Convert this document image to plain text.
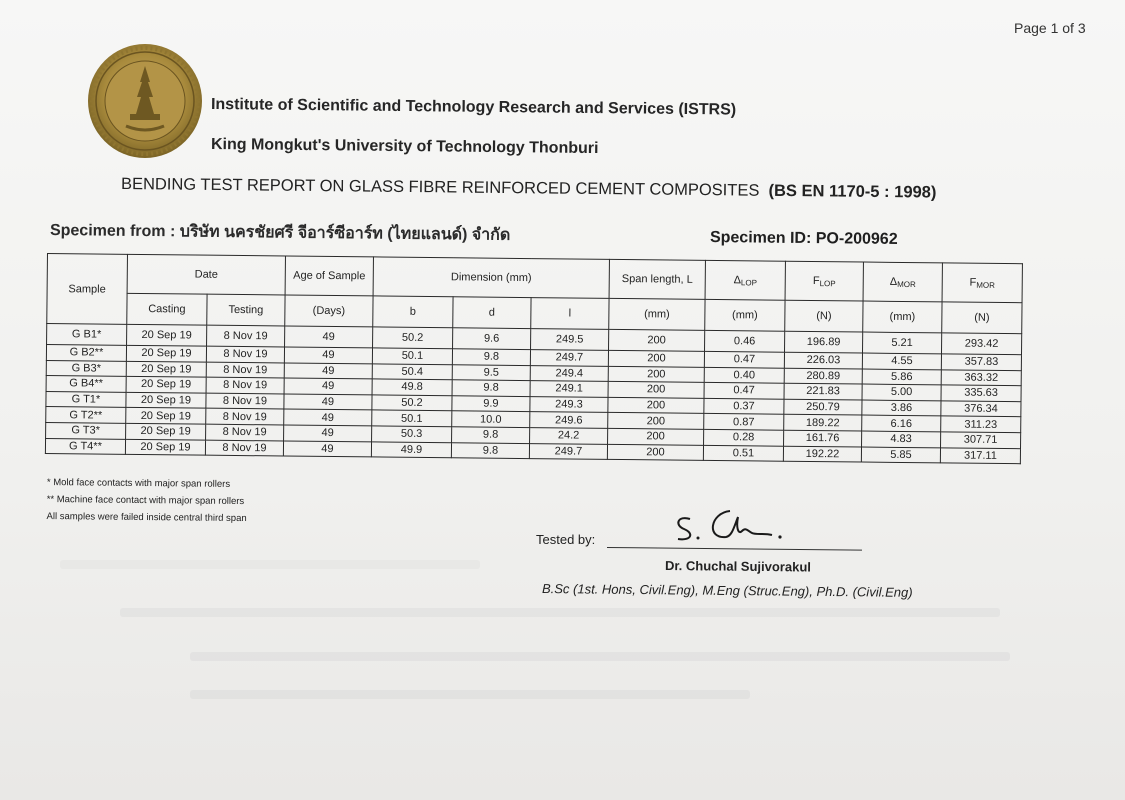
Page 1 of 3
Institute of Scientific and Technology Research and Services (ISTRS)
King Mongkut's University of Technology Thonburi
BENDING TEST REPORT ON GLASS FIBRE REINFORCED CEMENT COMPOSITES (BS EN 1170-5 : 1998)
Specimen from : บริษัท นครชัยศรี จีอาร์ซีอาร์ท (ไทยแลนด์) จำกัด	Specimen ID: PO-200962
Sample	Date		Age of Sample	Dimension (mm)			Span length, L	ΔLOP	FLOP	ΔMOR	FMOR
	Casting	Testing	(Days)	b	d	l	(mm)	(mm)	(N)	(mm)	(N)
G B1*	20 Sep 19	8 Nov 19	49	50.2	9.6	249.5	200	0.46	196.89	5.21	293.42
G B2**	20 Sep 19	8 Nov 19	49	50.1	9.8	249.7	200	0.47	226.03	4.55	357.83
G B3*	20 Sep 19	8 Nov 19	49	50.4	9.5	249.4	200	0.40	280.89	5.86	363.32
G B4**	20 Sep 19	8 Nov 19	49	49.8	9.8	249.1	200	0.47	221.83	5.00	335.63
G T1*	20 Sep 19	8 Nov 19	49	50.2	9.9	249.3	200	0.37	250.79	3.86	376.34
G T2**	20 Sep 19	8 Nov 19	49	50.1	10.0	249.6	200	0.87	189.22	6.16	311.23
G T3*	20 Sep 19	8 Nov 19	49	50.3	9.8	24.2	200	0.28	161.76	4.83	307.71
G T4**	20 Sep 19	8 Nov 19	49	49.9	9.8	249.7	200	0.51	192.22	5.85	317.11
* Mold face contacts with major span rollers
** Machine face contact with major span rollers
All samples were failed inside central third span
Tested by:
Dr. Chuchal Sujivorakul
B.Sc (1st. Hons, Civil.Eng), M.Eng (Struc.Eng), Ph.D. (Civil.Eng)
